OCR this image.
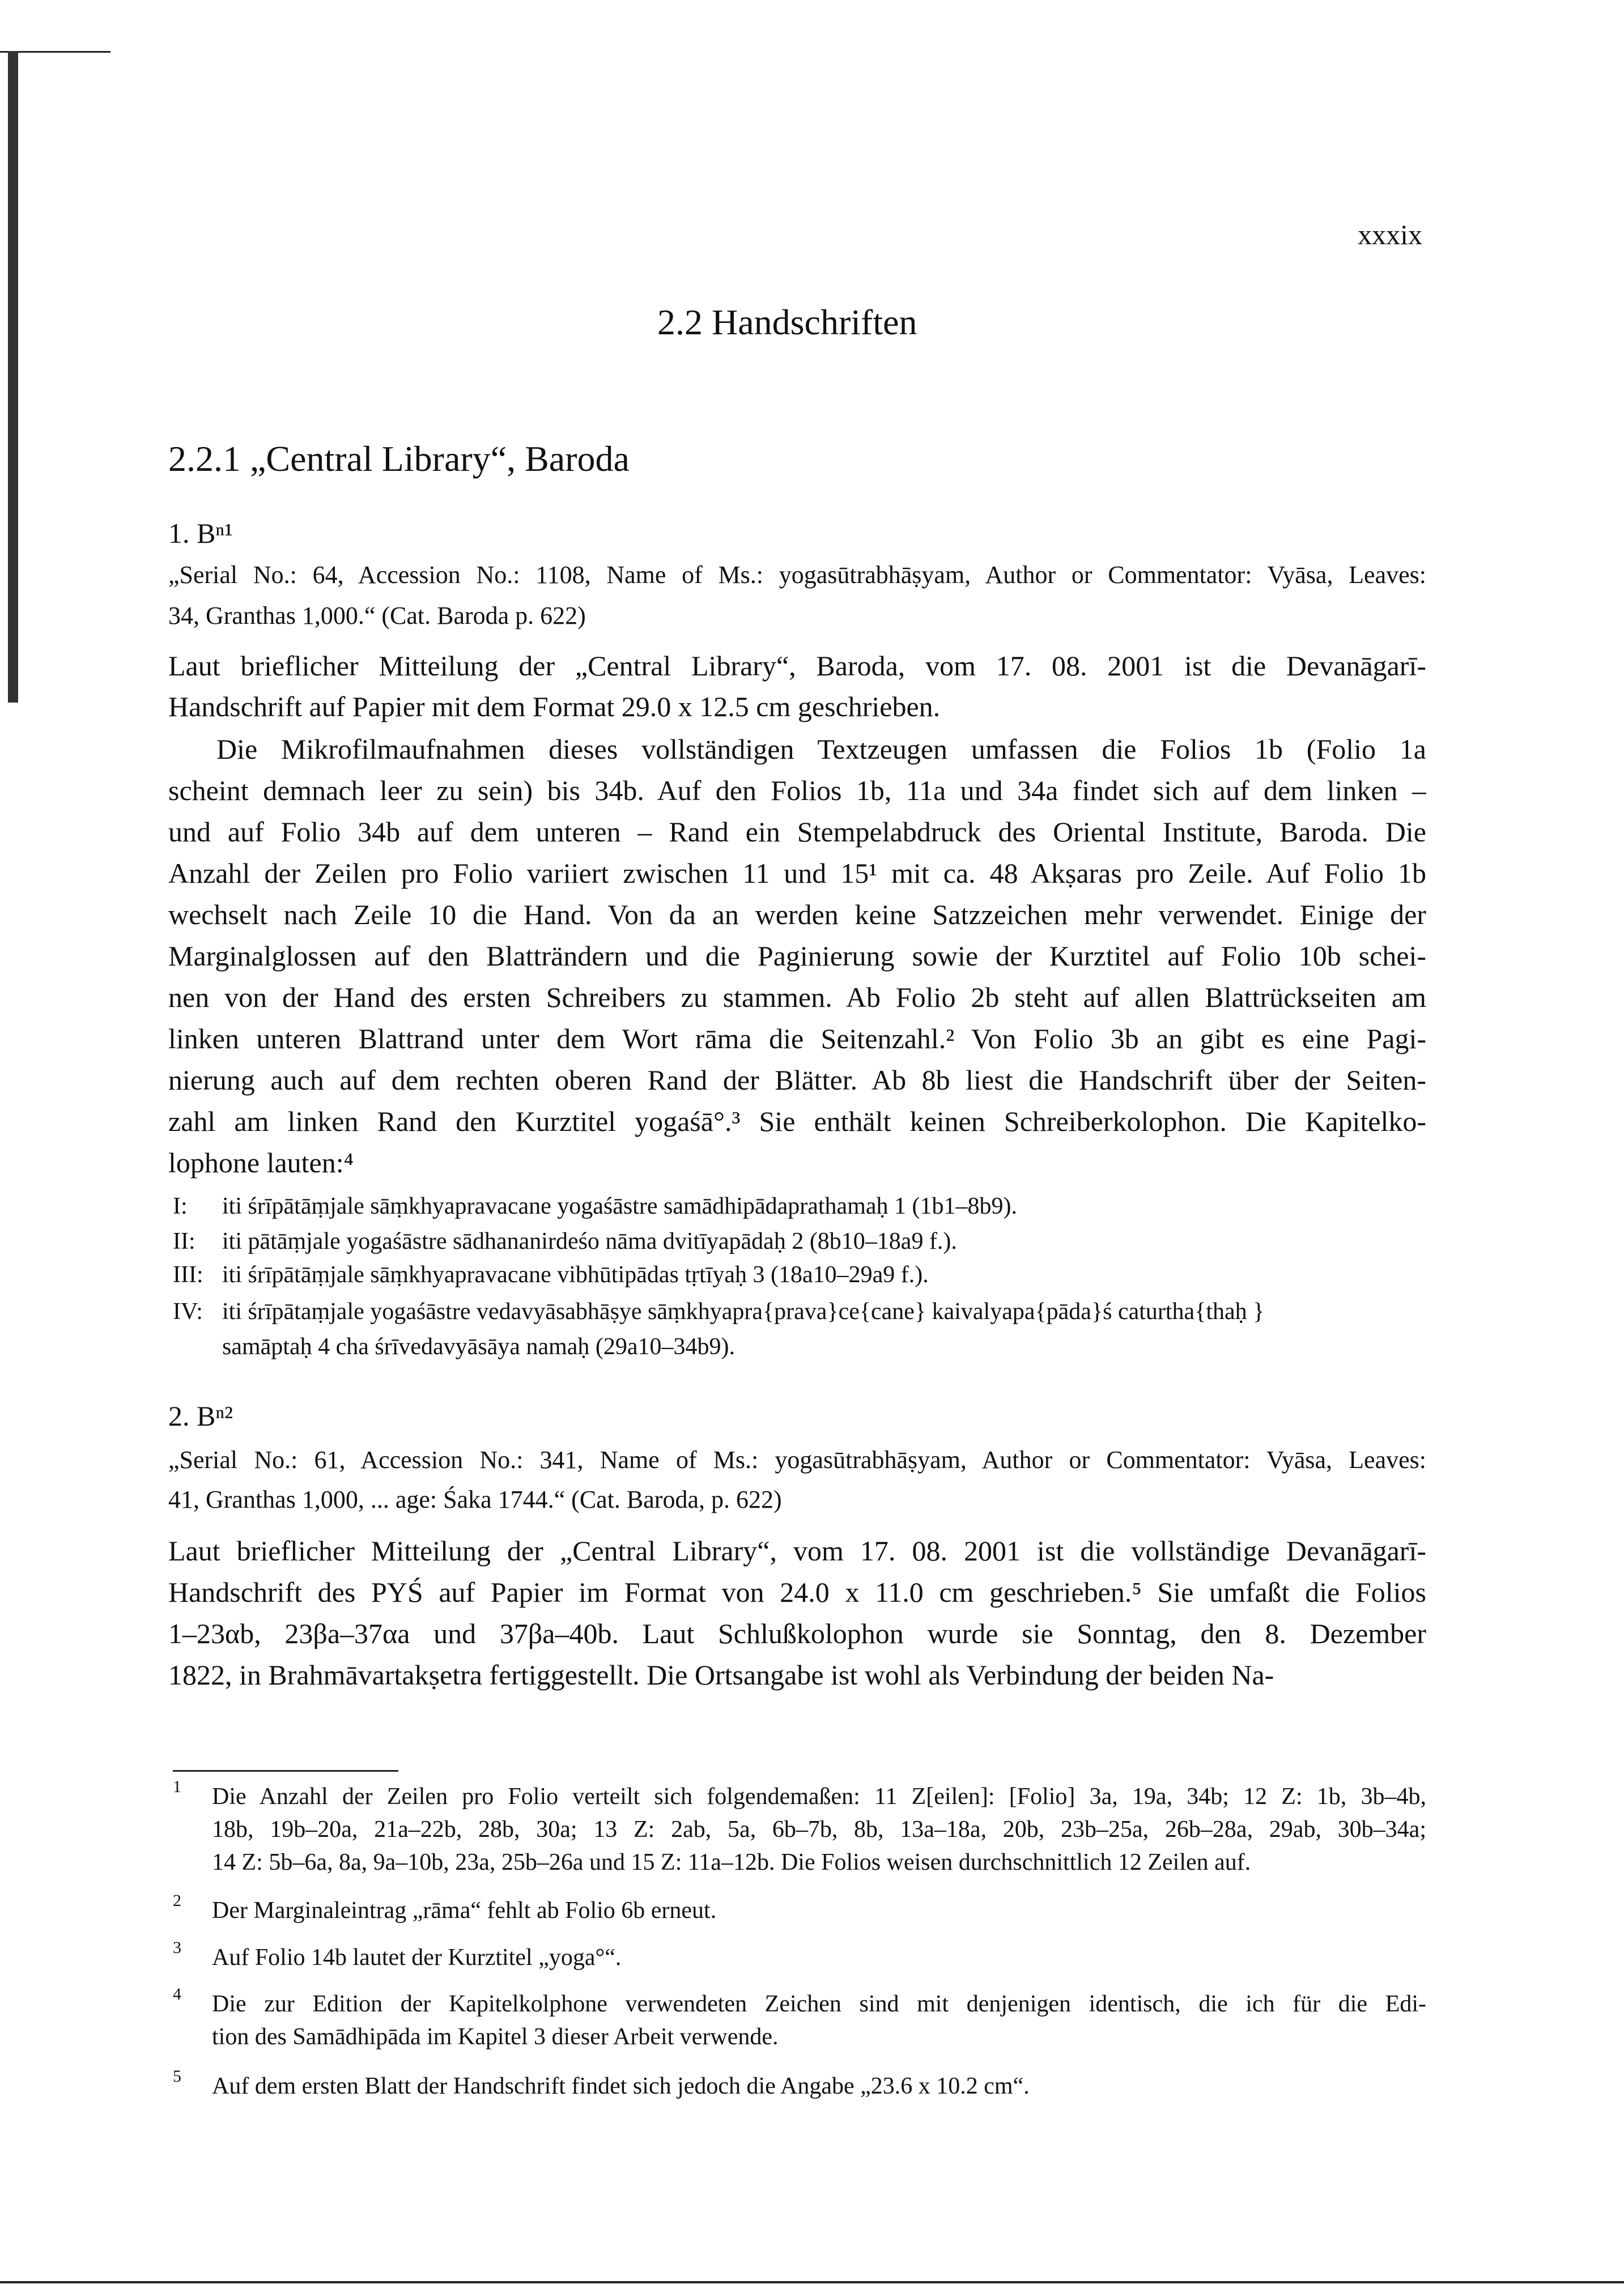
xxxix
2.2 Handschriften
2.2.1 „Central Library“, Baroda
1. Bⁿ¹
2. Bⁿ²
„Serial No.: 64, Accession No.: 1108, Name of Ms.: yogasūtrabhāṣyam, Author or Commentator: Vyāsa, Leaves:
34, Granthas 1,000.“ (Cat. Baroda p. 622)
Laut brieflicher Mitteilung der „Central Library“, Baroda, vom 17. 08. 2001 ist die Devanāgarī-
Handschrift auf Papier mit dem Format 29.0 x 12.5 cm geschrieben.
Die Mikrofilmaufnahmen dieses vollständigen Textzeugen umfassen die Folios 1b (Folio 1a
scheint demnach leer zu sein) bis 34b. Auf den Folios 1b, 11a und 34a findet sich auf dem linken –
und auf Folio 34b auf dem unteren – Rand ein Stempelabdruck des Oriental Institute, Baroda. Die
Anzahl der Zeilen pro Folio variiert zwischen 11 und 15¹ mit ca. 48 Akṣaras pro Zeile. Auf Folio 1b
wechselt nach Zeile 10 die Hand. Von da an werden keine Satzzeichen mehr verwendet. Einige der
Marginalglossen auf den Blatträndern und die Paginierung sowie der Kurztitel auf Folio 10b schei-
nen von der Hand des ersten Schreibers zu stammen. Ab Folio 2b steht auf allen Blattrückseiten am
linken unteren Blattrand unter dem Wort rāma die Seitenzahl.² Von Folio 3b an gibt es eine Pagi-
nierung auch auf dem rechten oberen Rand der Blätter. Ab 8b liest die Handschrift über der Seiten-
zahl am linken Rand den Kurztitel yogaśā°.³ Sie enthält keinen Schreiberkolophon. Die Kapitelko-
lophone lauten:⁴
I: iti śrīpātāṃjale sāṃkhyapravacane yogaśāstre samādhipādaprathamaḥ 1 (1b1–8b9).
II: iti pātāṃjale yogaśāstre sādhananirdeśo nāma dvitīyapādaḥ 2 (8b10–18a9 f.).
III: iti śrīpātāṃjale sāṃkhyapravacane vibhūtipādas tṛtīyaḥ 3 (18a10–29a9 f.).
IV: iti śrīpātaṃjale yogaśāstre vedavyāsabhāṣye sāṃkhyapra{prava}ce{cane} kaivalyapa{pāda}ś caturtha{thaḥ }
samāptaḥ 4 cha śrīvedavyāsāya namaḥ (29a10–34b9).
„Serial No.: 61, Accession No.: 341, Name of Ms.: yogasūtrabhāṣyam, Author or Commentator: Vyāsa, Leaves:
41, Granthas 1,000, ... age: Śaka 1744.“ (Cat. Baroda, p. 622)
Laut brieflicher Mitteilung der „Central Library“, vom 17. 08. 2001 ist die vollständige Devanāgarī-
Handschrift des PYŚ auf Papier im Format von 24.0 x 11.0 cm geschrieben.⁵ Sie umfaßt die Folios
1–23αb, 23βa–37αa und 37βa–40b. Laut Schlußkolophon wurde sie Sonntag, den 8. Dezember
1822, in Brahmāvartakṣetra fertiggestellt. Die Ortsangabe ist wohl als Verbindung der beiden Na-
1 Die Anzahl der Zeilen pro Folio verteilt sich folgendemaßen: 11 Z[eilen]: [Folio] 3a, 19a, 34b; 12 Z: 1b, 3b–4b,
18b, 19b–20a, 21a–22b, 28b, 30a; 13 Z: 2ab, 5a, 6b–7b, 8b, 13a–18a, 20b, 23b–25a, 26b–28a, 29ab, 30b–34a;
14 Z: 5b–6a, 8a, 9a–10b, 23a, 25b–26a und 15 Z: 11a–12b. Die Folios weisen durchschnittlich 12 Zeilen auf.
2 Der Marginaleintrag „rāma“ fehlt ab Folio 6b erneut.
3 Auf Folio 14b lautet der Kurztitel „yoga°“.
4 Die zur Edition der Kapitelkolphone verwendeten Zeichen sind mit denjenigen identisch, die ich für die Edi-
tion des Samādhipāda im Kapitel 3 dieser Arbeit verwende.
5 Auf dem ersten Blatt der Handschrift findet sich jedoch die Angabe „23.6 x 10.2 cm“.
